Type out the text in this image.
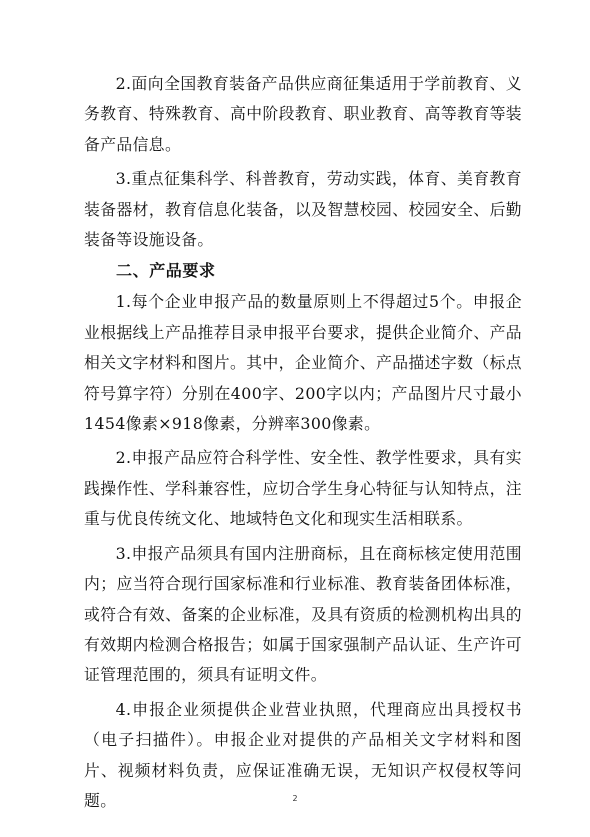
2.面向全国教育装备产品供应商征集适用于学前教育、义务教育、特殊教育、高中阶段教育、职业教育、高等教育等装备产品信息。

3.重点征集科学、科普教育，劳动实践，体育、美育教育装备器材，教育信息化装备，以及智慧校园、校园安全、后勤装备等设施设备。

二、产品要求

1.每个企业申报产品的数量原则上不得超过5个。申报企业根据线上产品推荐目录申报平台要求，提供企业简介、产品相关文字材料和图片。其中，企业简介、产品描述字数（标点符号算字符）分别在400字、200字以内；产品图片尺寸最小1454像素×918像素，分辨率300像素。

2.申报产品应符合科学性、安全性、教学性要求，具有实践操作性、学科兼容性，应切合学生身心特征与认知特点，注重与优良传统文化、地域特色文化和现实生活相联系。

3.申报产品须具有国内注册商标，且在商标核定使用范围内；应当符合现行国家标准和行业标准、教育装备团体标准，或符合有效、备案的企业标准，及具有资质的检测机构出具的有效期内检测合格报告；如属于国家强制产品认证、生产许可证管理范围的，须具有证明文件。

4.申报企业须提供企业营业执照，代理商应出具授权书（电子扫描件）。申报企业对提供的产品相关文字材料和图片、视频材料负责，应保证准确无误，无知识产权侵权等问题。	2
